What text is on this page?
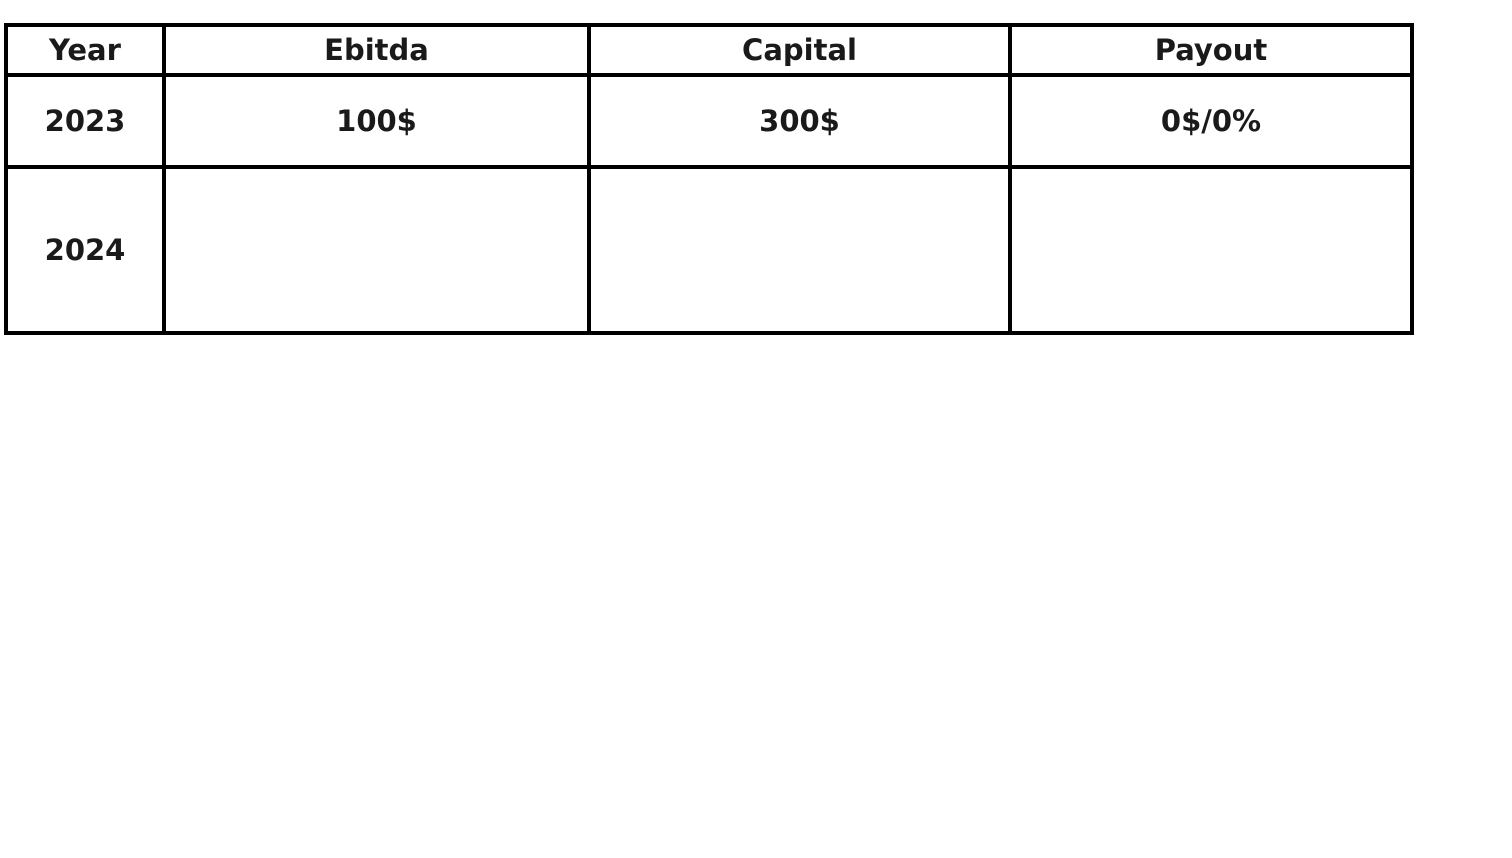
Year	Ebitda	Capital	Payout
2023	100$	300$	0$/0%
2024			
